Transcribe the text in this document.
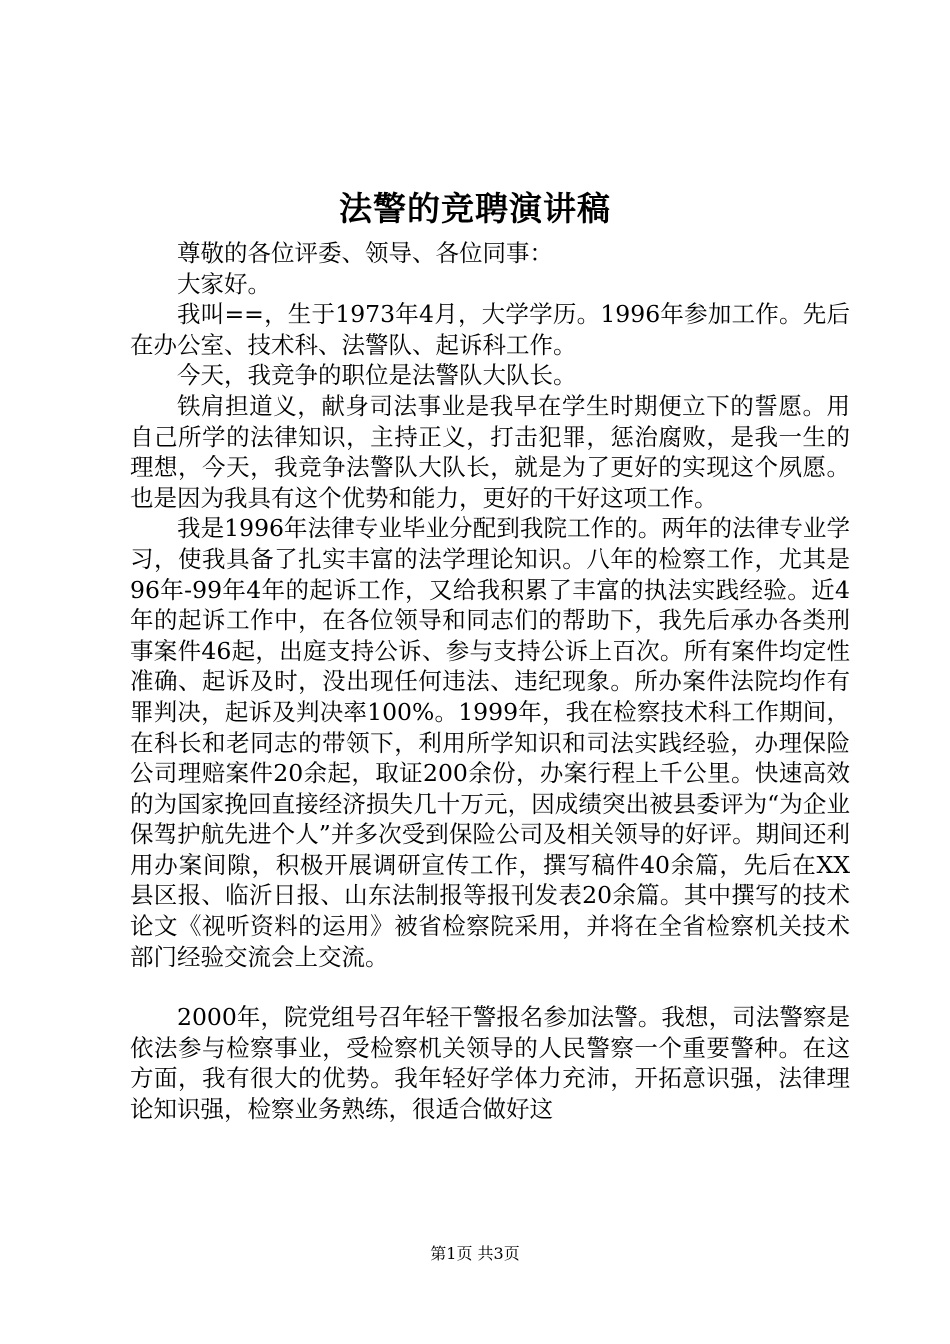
法警的竞聘演讲稿

尊敬的各位评委、领导、各位同事：

大家好。

我叫==，生于1973年4月，大学学历。1996年参加工作。先后在办公室、技术科、法警队、起诉科工作。

今天，我竞争的职位是法警队大队长。

铁肩担道义，献身司法事业是我早在学生时期便立下的誓愿。用自己所学的法律知识，主持正义，打击犯罪，惩治腐败，是我一生的理想，今天，我竞争法警队大队长，就是为了更好的实现这个夙愿。也是因为我具有这个优势和能力，更好的干好这项工作。

我是1996年法律专业毕业分配到我院工作的。两年的法律专业学习，使我具备了扎实丰富的法学理论知识。八年的检察工作，尤其是96年-99年4年的起诉工作，又给我积累了丰富的执法实践经验。近4年的起诉工作中，在各位领导和同志们的帮助下，我先后承办各类刑事案件46起，出庭支持公诉、参与支持公诉上百次。所有案件均定性准确、起诉及时，没出现任何违法、违纪现象。所办案件法院均作有罪判决，起诉及判决率100%。1999年，我在检察技术科工作期间，在科长和老同志的带领下，利用所学知识和司法实践经验，办理保险公司理赔案件20余起，取证200余份，办案行程上千公里。快速高效的为国家挽回直接经济损失几十万元，因成绩突出被县委评为“为企业保驾护航先进个人”并多次受到保险公司及相关领导的好评。期间还利用办案间隙，积极开展调研宣传工作，撰写稿件40余篇，先后在XX县区报、临沂日报、山东法制报等报刊发表20余篇。其中撰写的技术论文《视听资料的运用》被省检察院采用，并将在全省检察机关技术部门经验交流会上交流。

2000年，院党组号召年轻干警报名参加法警。我想，司法警察是依法参与检察事业，受检察机关领导的人民警察一个重要警种。在这方面，我有很大的优势。我年轻好学体力充沛，开拓意识强，法律理论知识强，检察业务熟练，很适合做好这

第1页 共3页
